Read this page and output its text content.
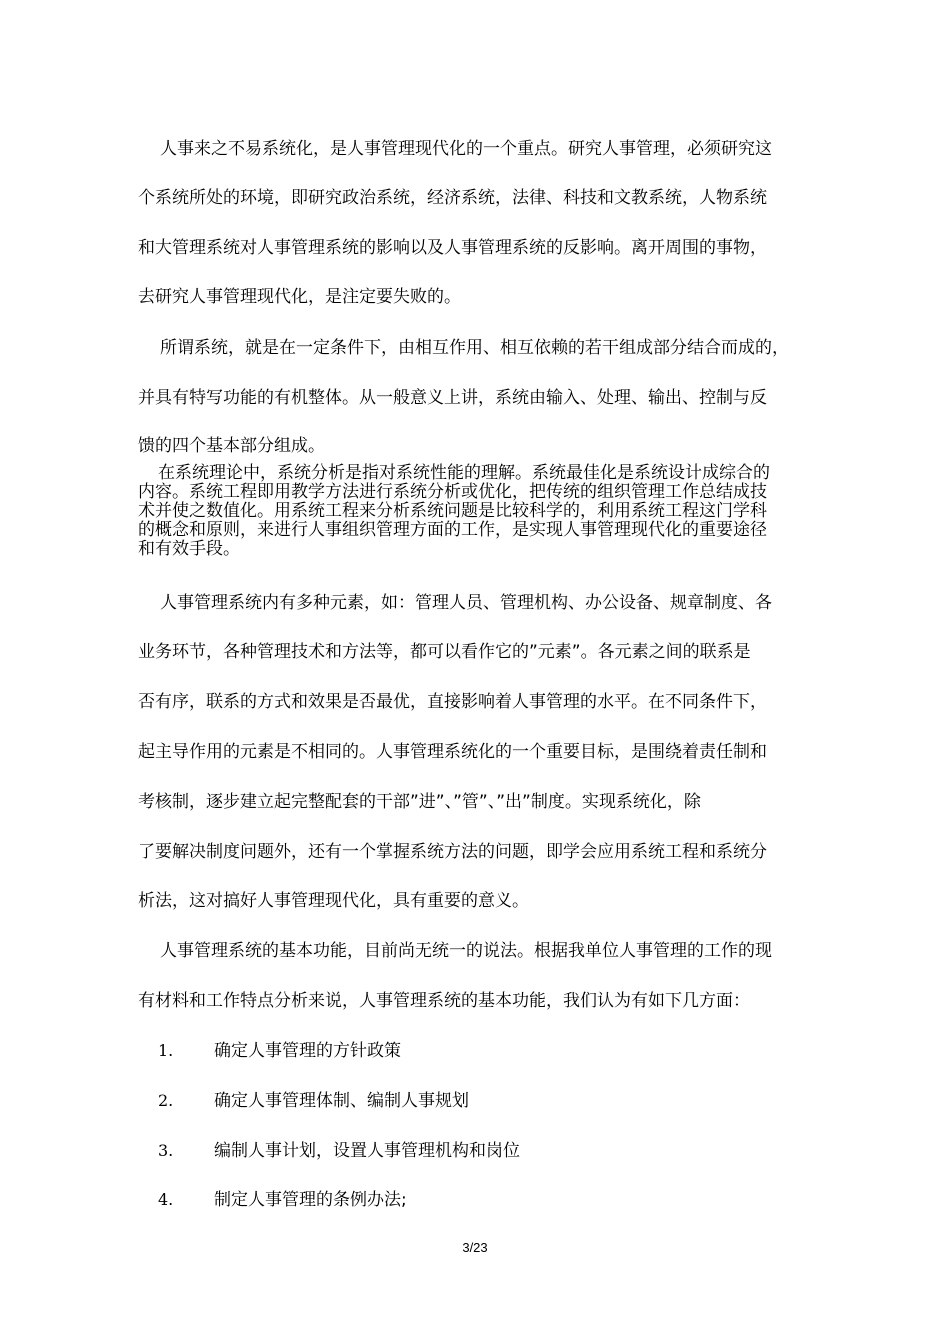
人事来之不易系统化，是人事管理现代化的一个重点。研究人事管理，必须研究这
个系统所处的环境，即研究政治系统，经济系统，法律、科技和文教系统，人物系统
和大管理系统对人事管理系统的影响以及人事管理系统的反影响。离开周围的事物，
去研究人事管理现代化，是注定要失败的。
所谓系统，就是在一定条件下，由相互作用、相互依赖的若干组成部分结合而成的，
并具有特写功能的有机整体。从一般意义上讲，系统由输入、处理、输出、控制与反
馈的四个基本部分组成。

在系统理论中，系统分析是指对系统性能的理解。系统最佳化是系统设计成综合的

内容。系统工程即用教学方法进行系统分析或优化，把传统的组织管理工作总结成技

术并使之数值化。用系统工程来分析系统问题是比较科学的，利用系统工程这门学科

的概念和原则，来进行人事组织管理方面的工作，是实现人事管理现代化的重要途径

和有效手段。

人事管理系统内有多种元素，如：管理人员、管理机构、办公设备、规章制度、各
业务环节，各种管理技术和方法等，都可以看作它的”元素”。各元素之间的联系是
否有序，联系的方式和效果是否最优，直接影响着人事管理的水平。在不同条件下，
起主导作用的元素是不相同的。人事管理系统化的一个重要目标，是围绕着责任制和
考核制，逐步建立起完整配套的干部”进”、”管”、”出”制度。实现系统化，除
了要解决制度问题外，还有一个掌握系统方法的问题，即学会应用系统工程和系统分
析法，这对搞好人事管理现代化，具有重要的意义。
人事管理系统的基本功能，目前尚无统一的说法。根据我单位人事管理的工作的现
有材料和工作特点分析来说，人事管理系统的基本功能，我们认为有如下几方面：
1. 确定人事管理的方针政策
2. 确定人事管理体制、编制人事规划
3. 编制人事计划，设置人事管理机构和岗位
4. 制定人事管理的条例办法;
3/23
